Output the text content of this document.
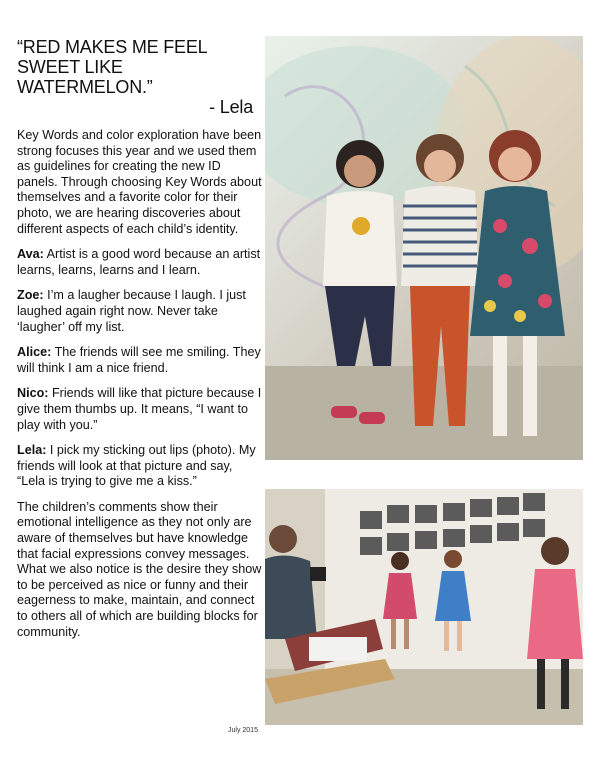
“RED MAKES ME FEEL
SWEET LIKE WATERMELON.”
- Lela

Key Words and color exploration have been strong focuses this year and we used them as guidelines for creating the new ID panels. Through choosing Key Words about themselves and a favorite color for their photo, we are hearing discoveries about different aspects of each child’s identity.

Ava: Artist is a good word because an artist learns, learns, learns and I learn.

Zoe: I’m a laugher because I laugh. I just laughed again right now. Never take ‘laugher’ off my list.

Alice: The friends will see me smiling. They will think I am a nice friend.

Nico: Friends will like that picture because I give them thumbs up. It means, “I want to play with you.”

Lela: I pick my sticking out lips (photo). My friends will look at that picture and say, “Lela is trying to give me a kiss.”

The children’s comments show their emotional intelligence as they not only are aware of themselves but have knowledge that facial expressions convey messages. What we also notice is the desire they show to be perceived as nice or funny and their eagerness to make, maintain, and connect to others all of which are building blocks for community.

July 2015
